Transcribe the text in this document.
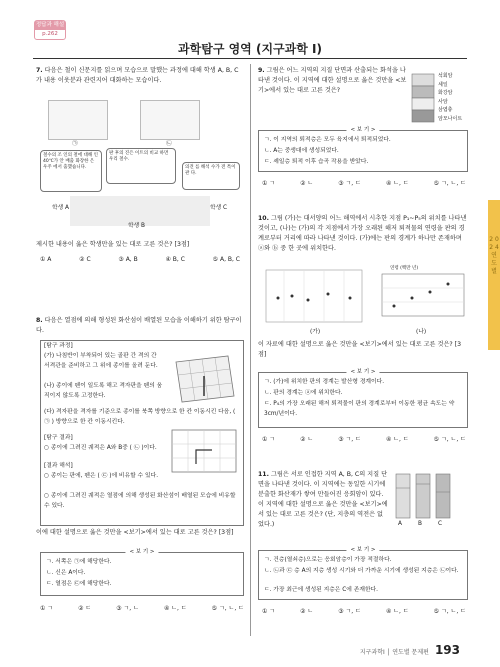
정답과 해설
p.262
과학탐구 영역 (지구과학 Ⅰ)
2 0 2 4 연 도 별
7. 다음은 철이 신문지를 읽으며 모습으로 말했는 과정에 대해 학생 A, B, C가 내용 이웃분과 관련지어 대화하는 모습이다.
㉠	㉡
철수의 조 인의 철에 대해 인 40℃가 안 배출 화장한 은 우주 에서 출했습니다.
판 후의 진은 이트의 비교 하면 우리 철수.
의견 를 해석 수가 전 특이 관 다.
학생 A
학생 B
학생 C
제시한 내용이 옳은 학생만을 있는 대로 고른 것은? [3점]
① A	② C	③ A, B	④ B, C	⑤ A, B, C
8. 다음은 열점에 의해 형성된 화산섬이 배열된 모습을 이해하기 위한 탐구이다.
[탐구 과정]
(가) 나침반이 부착되어 있는 골판 간 격의 간 서격관을 준비하고 그 위에 종이를 올려 둔다.
(나) 종이에 펜이 일도록 해고 격자판을 펜의 움직이지 않도록 고정한다.
(다) 격자판을 격자를 기준으로 종이를 북쪽 방향으로 한 칸 이동시킨 다음, ( ㉠ ) 방향으로 한 칸 이동시킨다.
[탐구 결과]
○ 종이에 그려진 궤적은 A와 B중 ( ㉡ )이다.
[결과 해석]
○ 종이는 판에, 펜은 ( ㉢ )에 비유할 수 있다.
○ 종이에 그려진 궤적은 열점에 의해 생성된 화산섬이 배열된 모습에 비유할 수 있다.
이에 대한 설명으로 옳은 것만을 <보기>에서 있는 대로 고른 것은? [3점]
< 보 기 >
ㄱ. 서쪽은 ㉠에 해당한다.
ㄴ. 신은 A이다.
ㄷ. 열점은 ㉢에 해당한다.
① ㄱ	② ㄷ	③ ㄱ, ㄴ	④ ㄴ, ㄷ	⑤ ㄱ, ㄴ, ㄷ
9. 그림은 어느 지역의 지질 단면과 산출되는 화석을 나타낸 것이다. 이 지역에 대한 설명으로 옳은 것만을 <보기>에서 있는 대로 고른 것은?
석회암
셰일
화강암
사암
삼엽충
암모나이트
< 보 기 >
ㄱ. 이 지역의 퇴적층은 모두 육지에서 퇴적되었다.
ㄴ. A는 중생대에 생성되었다.
ㄷ. 셰일층 퇴적 이후 습곡 작용을 받았다.
① ㄱ	② ㄴ	③ ㄱ, ㄷ	④ ㄴ, ㄷ	⑤ ㄱ, ㄴ, ㄷ
10. 그림 (가)는 대서양의 어느 해역에서 시추한 지점 P₁~P₅의 위치를 나타낸 것이고, (나)는 (가)의 각 지점에서 가장 오래된 해저 퇴적물의 연령을 판의 경계로부터 거리에 따라 나타낸 것이다. (가)에는 판의 경계가 하나만 존재하며 ⓐ와 ⓑ 중 한 곳에 위치한다.
연령 (백만 년)
(가)	(나)
이 자료에 대한 설명으로 옳은 것만을 <보기>에서 있는 대로 고른 것은? [3점]
< 보 기 >
ㄱ. (가)에 위치한 판의 경계는 발산형 경계이다.
ㄴ. 판의 경계는 ⓐ에 위치한다.
ㄷ. P₄의 가장 오래된 해저 퇴적물이 판의 경계로부터 이동한 평균 속도는 약 3cm/년이다.
① ㄱ	② ㄴ	③ ㄱ, ㄷ	④ ㄴ, ㄷ	⑤ ㄱ, ㄴ, ㄷ
11. 그림은 서로 인접한 지역 A, B, C의 지질 단면을 나타낸 것이다. 이 지역에는 동일한 시기에 분출한 화산재가 쌓여 만들어진 응회암이 있다. 이 지역에 대한 설명으로 옳은 것만을 <보기>에서 있는 대로 고른 것은? (단, 지층의 역전은 없었다.)	A	B	C
< 보 기 >
ㄱ. 건층(열쇠층)으로는 응회암층이 가장 적절하다.
ㄴ. ㉡과 ㉢ 층 A의 지층 생성 시기와 더 가까운 시기에 생성된 지층은 ㉡이다.
ㄷ. 가장 최근에 생성된 지층은 C에 존재한다.
① ㄱ	② ㄴ	③ ㄱ, ㄷ	④ ㄴ, ㄷ	⑤ ㄱ, ㄴ, ㄷ
지구과학Ⅰ │ 연도별 문제편 193
